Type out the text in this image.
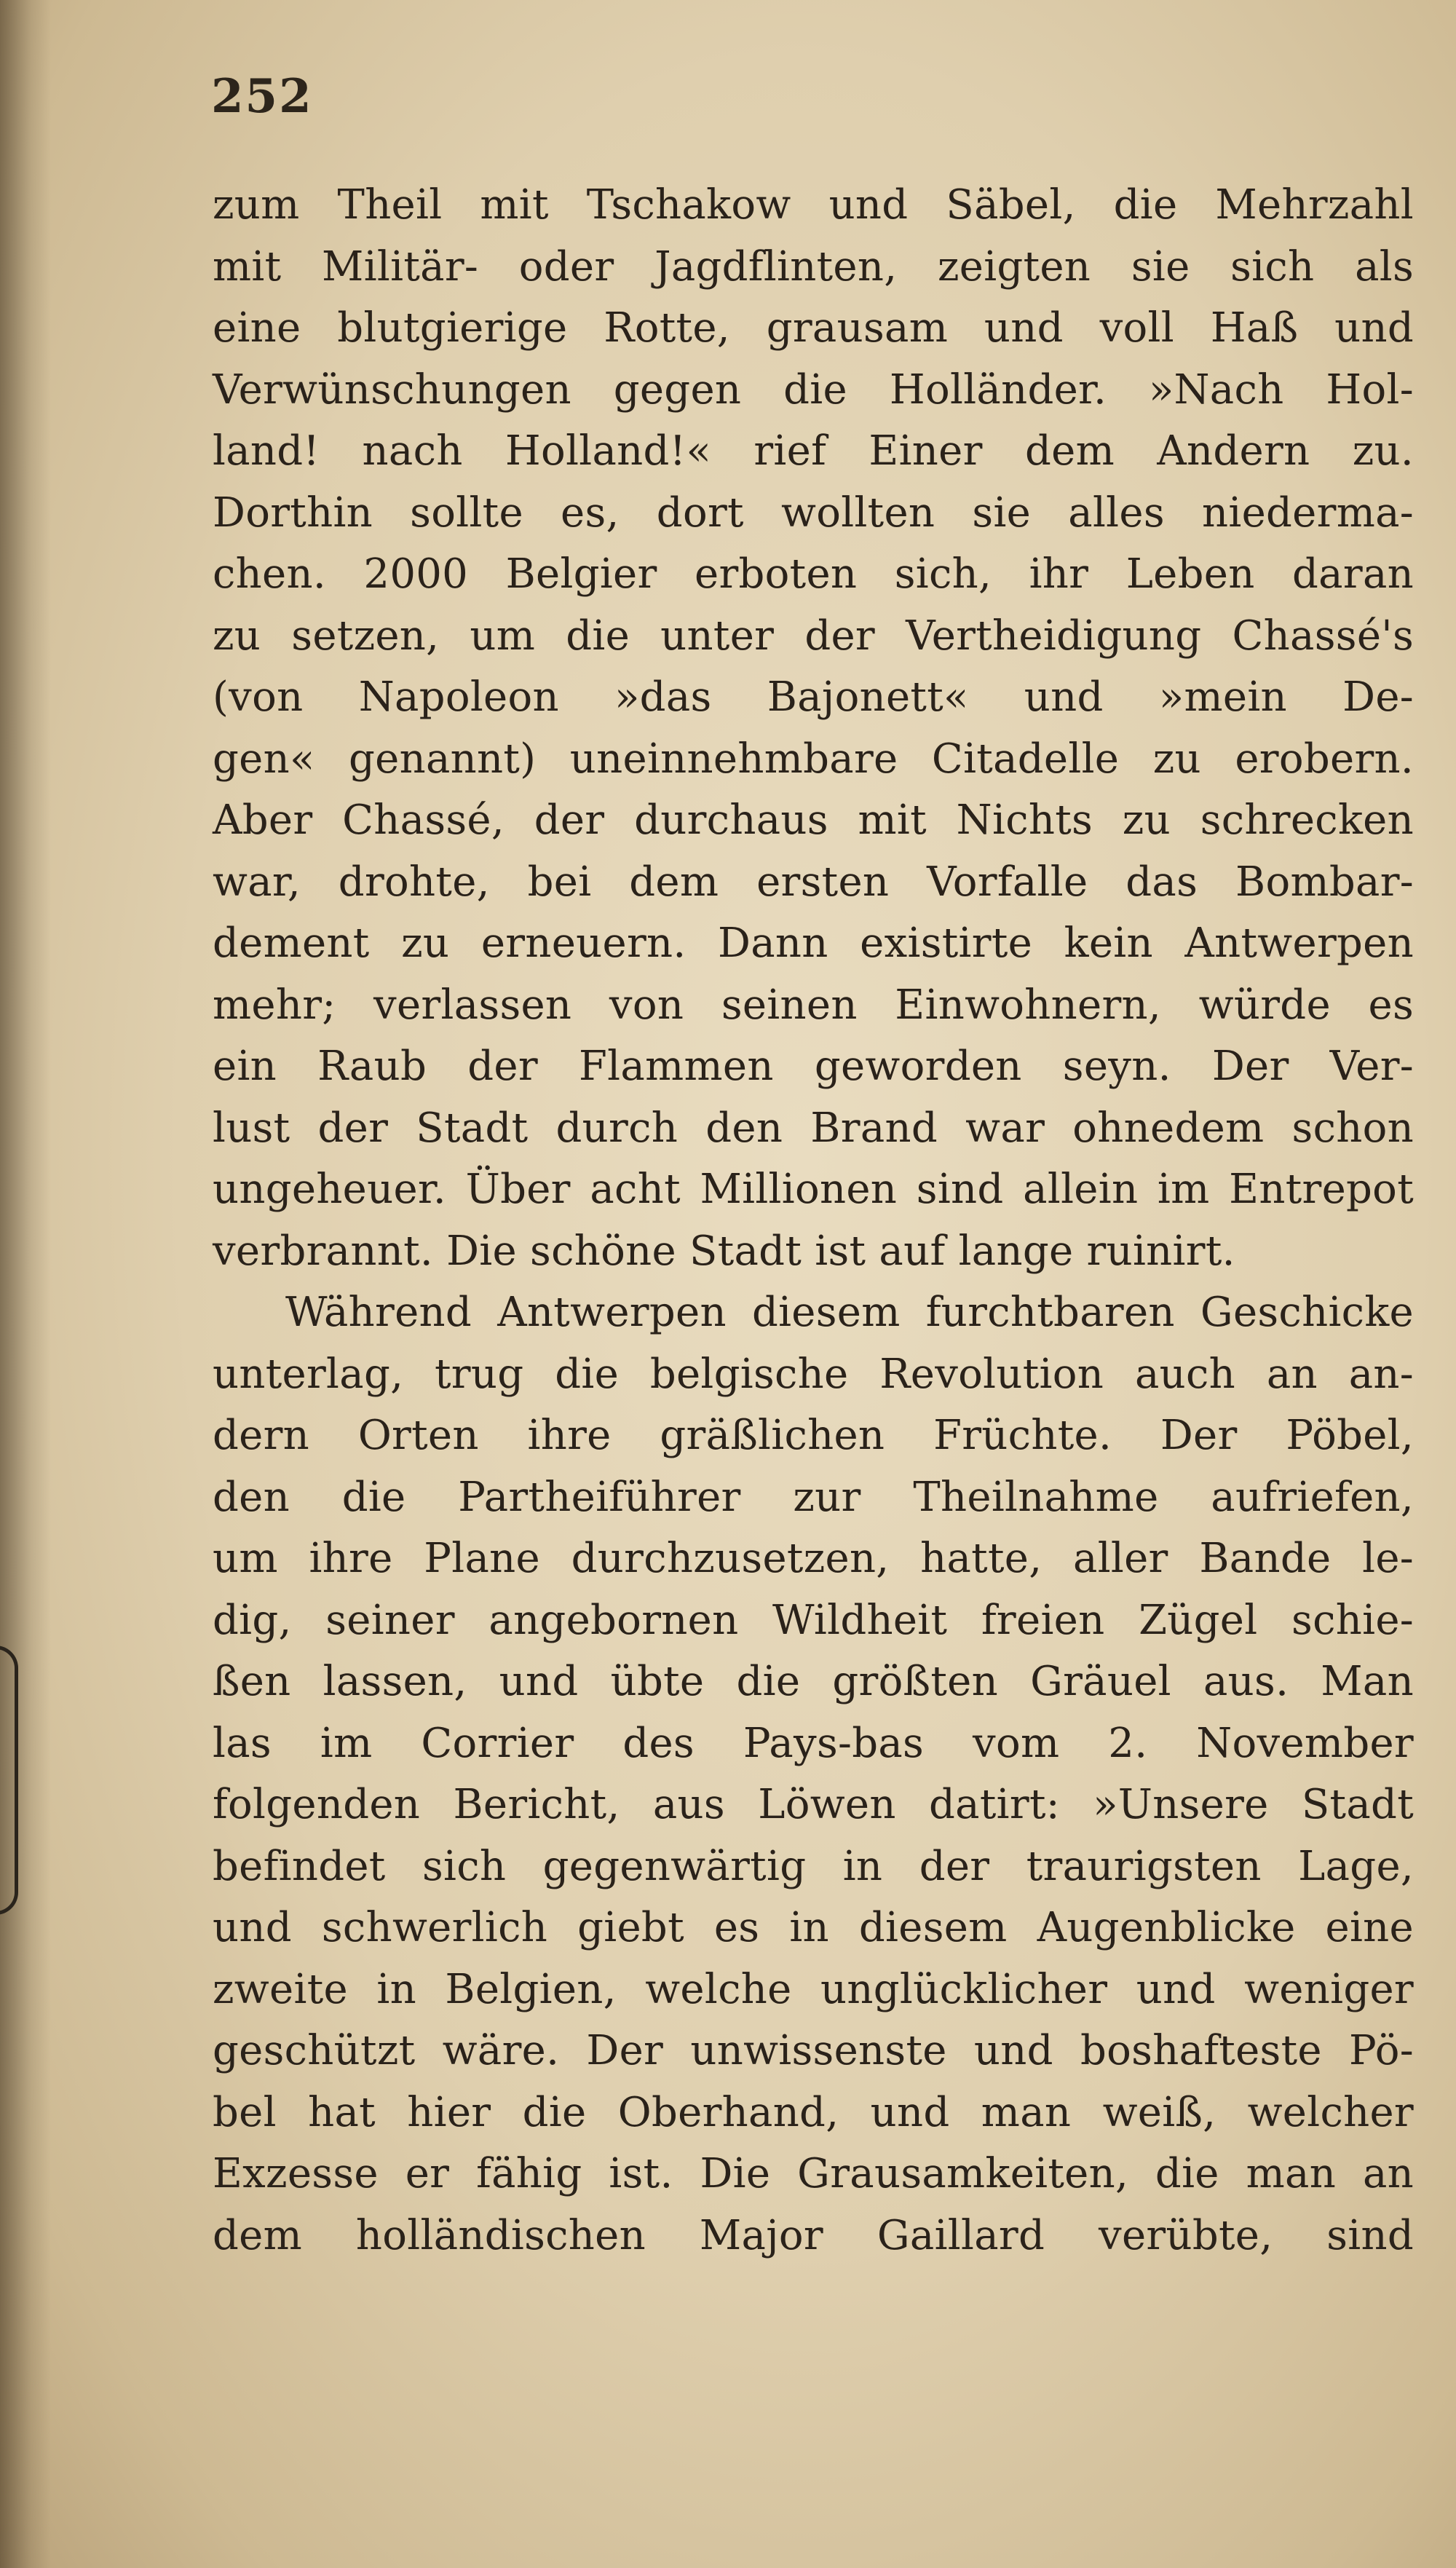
252
zum Theil mit Tschakow und Säbel, die Mehrzahl
mit Militär- oder Jagdflinten, zeigten sie sich als
eine blutgierige Rotte, grausam und voll Haß und
Verwünschungen gegen die Holländer. »Nach Hol-
land! nach Holland!« rief Einer dem Andern zu.
Dorthin sollte es, dort wollten sie alles niederma-
chen. 2000 Belgier erboten sich, ihr Leben daran
zu setzen, um die unter der Vertheidigung Chassé's
(von Napoleon »das Bajonett« und »mein De-
gen« genannt) uneinnehmbare Citadelle zu erobern.
Aber Chassé, der durchaus mit Nichts zu schrecken
war, drohte, bei dem ersten Vorfalle das Bombar-
dement zu erneuern. Dann existirte kein Antwerpen
mehr; verlassen von seinen Einwohnern, würde es
ein Raub der Flammen geworden seyn. Der Ver-
lust der Stadt durch den Brand war ohnedem schon
ungeheuer. Über acht Millionen sind allein im Entrepot
verbrannt. Die schöne Stadt ist auf lange ruinirt.
Während Antwerpen diesem furchtbaren Geschicke
unterlag, trug die belgische Revolution auch an an-
dern Orten ihre gräßlichen Früchte. Der Pöbel,
den die Partheiführer zur Theilnahme aufriefen,
um ihre Plane durchzusetzen, hatte, aller Bande le-
dig, seiner angebornen Wildheit freien Zügel schie-
ßen lassen, und übte die größten Gräuel aus. Man
las im Corrier des Pays-bas vom 2. November
folgenden Bericht, aus Löwen datirt: »Unsere Stadt
befindet sich gegenwärtig in der traurigsten Lage,
und schwerlich giebt es in diesem Augenblicke eine
zweite in Belgien, welche unglücklicher und weniger
geschützt wäre. Der unwissenste und boshafteste Pö-
bel hat hier die Oberhand, und man weiß, welcher
Exzesse er fähig ist. Die Grausamkeiten, die man an
dem holländischen Major Gaillard verübte, sind
